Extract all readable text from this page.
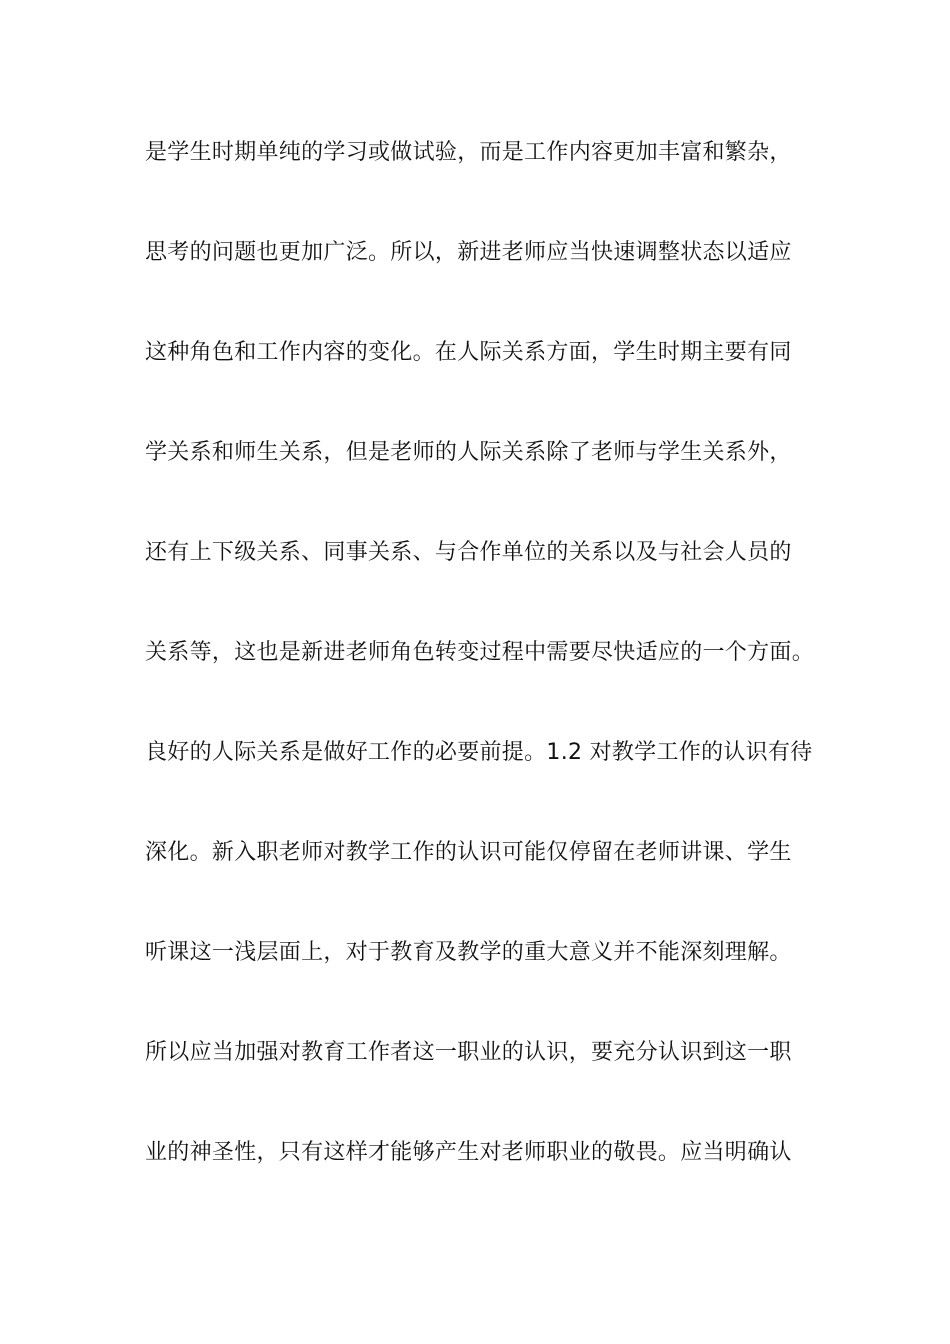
是学生时期单纯的学习或做试验，而是工作内容更加丰富和繁杂，
思考的问题也更加广泛。所以，新进老师应当快速调整状态以适应
这种角色和工作内容的变化。在人际关系方面，学生时期主要有同
学关系和师生关系，但是老师的人际关系除了老师与学生关系外，
还有上下级关系、同事关系、与合作单位的关系以及与社会人员的
关系等，这也是新进老师角色转变过程中需要尽快适应的一个方面。
良好的人际关系是做好工作的必要前提。1.2 对教学工作的认识有待
深化。新入职老师对教学工作的认识可能仅停留在老师讲课、学生
听课这一浅层面上，对于教育及教学的重大意义并不能深刻理解。
所以应当加强对教育工作者这一职业的认识，要充分认识到这一职
业的神圣性，只有这样才能够产生对老师职业的敬畏。应当明确认
